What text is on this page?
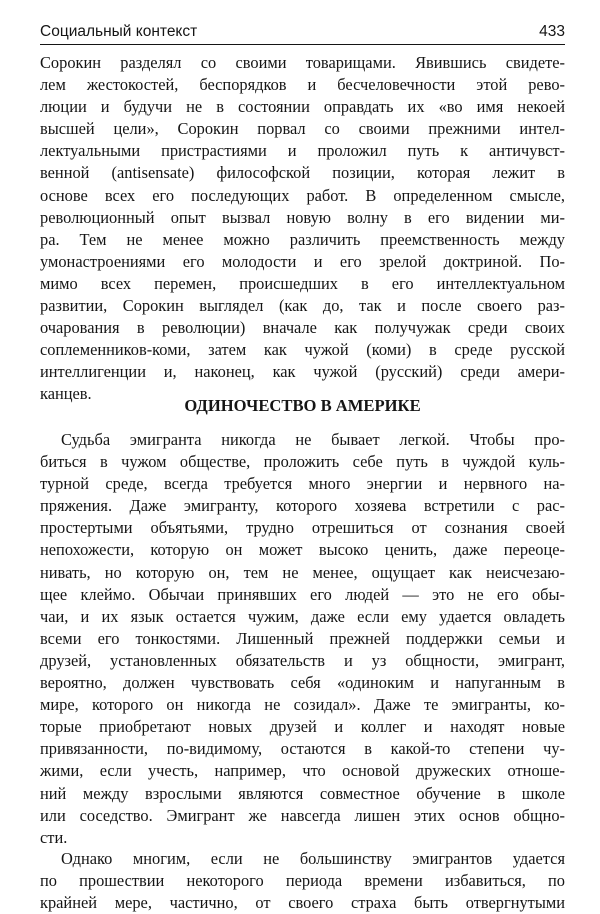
Социальный контекст	433
Сорокин разделял со своими товарищами. Явившись свидете-
лем жестокостей, беспорядков и бесчеловечности этой рево-
люции и будучи не в состоянии оправдать их «во имя некоей
высшей цели», Сорокин порвал со своими прежними интел-
лектуальными пристрастиями и проложил путь к античувст-
венной (antisensate) философской позиции, которая лежит в
основе всех его последующих работ. В определенном смысле,
революционный опыт вызвал новую волну в его видении ми-
ра. Тем не менее можно различить преемственность между
умонастроениями его молодости и его зрелой доктриной. По-
мимо всех перемен, происшедших в его интеллектуальном
развитии, Сорокин выглядел (как до, так и после своего раз-
очарования в революции) вначале как получужак среди своих
соплеменников-коми, затем как чужой (коми) в среде русской
интеллигенции и, наконец, как чужой (русский) среди амери-
канцев.
ОДИНОЧЕСТВО В АМЕРИКЕ
Судьба эмигранта никогда не бывает легкой. Чтобы про-
биться в чужом обществе, проложить себе путь в чуждой куль-
турной среде, всегда требуется много энергии и нервного на-
пряжения. Даже эмигранту, которого хозяева встретили с рас-
простертыми объятьями, трудно отрешиться от сознания своей
непохожести, которую он может высоко ценить, даже переоце-
нивать, но которую он, тем не менее, ощущает как неисчезаю-
щее клеймо. Обычаи принявших его людей — это не его обы-
чаи, и их язык остается чужим, даже если ему удается овладеть
всеми его тонкостями. Лишенный прежней поддержки семьи и
друзей, установленных обязательств и уз общности, эмигрант,
вероятно, должен чувствовать себя «одиноким и напуганным в
мире, которого он никогда не созидал». Даже те эмигранты, ко-
торые приобретают новых друзей и коллег и находят новые
привязанности, по-видимому, остаются в какой-то степени чу-
жими, если учесть, например, что основой дружеских отноше-
ний между взрослыми являются совместное обучение в школе
или соседство. Эмигрант же навсегда лишен этих основ общно-
сти.
Однако многим, если не большинству эмигрантов удается
по прошествии некоторого периода времени избавиться, по
крайней мере, частично, от своего страха быть отвергнутыми
